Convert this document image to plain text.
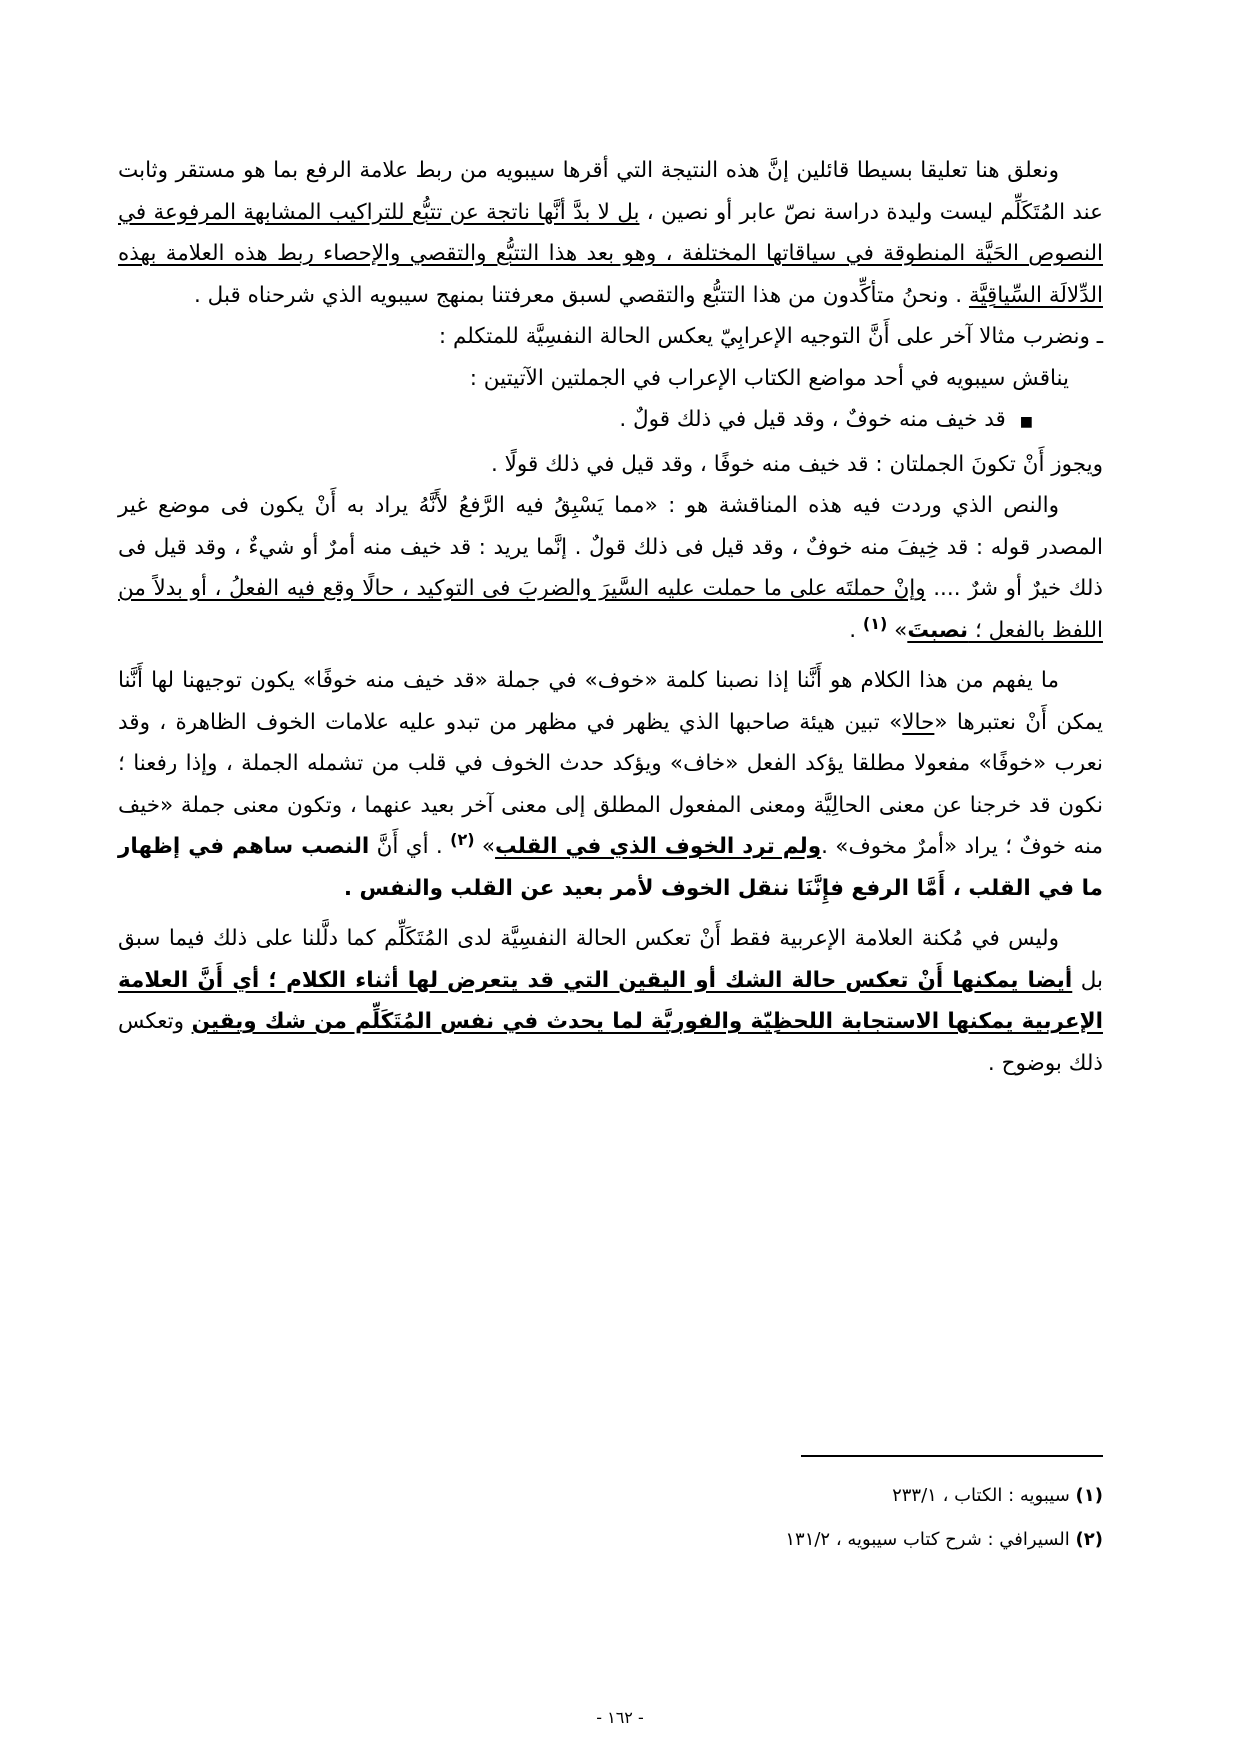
ونعلق هنا تعليقا بسيطا قائلين إنَّ هذه النتيجة التي أقرها سيبويه من ربط علامة الرفع بما هو مستقر وثابت عند المُتَكَلِّم ليست وليدة دراسة نصّ عابر أو نصين ، بل لا بدَّ أنَّها ناتجة عن تتبُّع للتراكيب المشابهة المرفوعة في النصوص الحَيَّة المنطوقة في سياقاتها المختلفة ، وهو بعد هذا التتبُّع والتقصي والإحصاء ربط هذه العلامة بهذه الدِّلالَة السِّياقِيَّة . ونحنُ متأكِّدون من هذا التتبُّع والتقصي لسبق معرفتنا بمنهج سيبويه الذي شرحناه قبل .

ـ ونضرب مثالا آخر على أَنَّ التوجيه الإعرابِيّ يعكس الحالة النفسِيَّة للمتكلم :

يناقش سيبويه في أحد مواضع الكتاب الإعراب في الجملتين الآتيتين :

■قد خيف منه خوفٌ ، وقد قيل في ذلك قولٌ .

ويجوز أَنْ تكونَ الجملتان : قد خيف منه خوفًا ، وقد قيل في ذلك قولًا .

والنص الذي وردت فيه هذه المناقشة هو : «مما يَسْبِقُ فيه الرَّفعُ لأَنَّهُ يراد به أَنْ يكون فى موضع غير المصدر قوله : قد خِيفَ منه خوفٌ ، وقد قيل فى ذلك قولٌ . إنَّما يريد : قد خيف منه أمرٌ أو شيءٌ ، وقد قيل فى ذلك خيرٌ أو شرٌ .... وإنْ حملتَه على ما حملت عليه السَّيرَ والضربَ فى التوكيد ، حالًا وقع فيه الفعلُ ، أو بدلاً من اللفظ بالفعل ؛ نصبتَ» $^{(١)}$ .

ما يفهم من هذا الكلام هو أَنَّنا إذا نصبنا كلمة «خوف» في جملة «قد خيف منه خوفًا» يكون توجيهنا لها أَنَّنا يمكن أَنْ نعتبرها «حالا» تبين هيئة صاحبها الذي يظهر في مظهر من تبدو عليه علامات الخوف الظاهرة ، وقد نعرب «خوفًا» مفعولا مطلقا يؤكد الفعل «خاف» ويؤكد حدث الخوف في قلب من تشمله الجملة ، وإذا رفعنا ؛ نكون قد خرجنا عن معنى الحالِيَّة ومعنى المفعول المطلق إلى معنى آخر بعيد عنهما ، وتكون معنى جملة «خيف منه خوفٌ ؛ يراد «أمرٌ مخوف» .ولم ترد الخوف الذي في القلب» $^{(٢)}$ . أي أَنَّ النصب ساهم في إظهار ما في القلب ، أَمَّا الرفع فإِنَّنَا ننقل الخوف لأمر بعيد عن القلب والنفس .

وليس في مُكنة العلامة الإعربية فقط أَنْ تعكس الحالة النفسِيَّة لدى المُتَكَلِّم كما دلَّلنا على ذلك فيما سبق بل أيضا يمكنها أَنْ تعكس حالة الشك أو اليقين التي قد يتعرض لها أثناء الكلام ؛ أي أَنَّ العلامة الإعربية يمكنها الاستجابة اللحظِيّة والفوريَّة لما يحدث في نفس المُتَكَلِّم من شك ويقين وتعكس ذلك بوضوح .

(١) سيبويه : الكتاب ، ٢٣٣/١

(٢) السيرافي : شرح كتاب سيبويه ، ١٣١/٢

- ١٦٢ -
